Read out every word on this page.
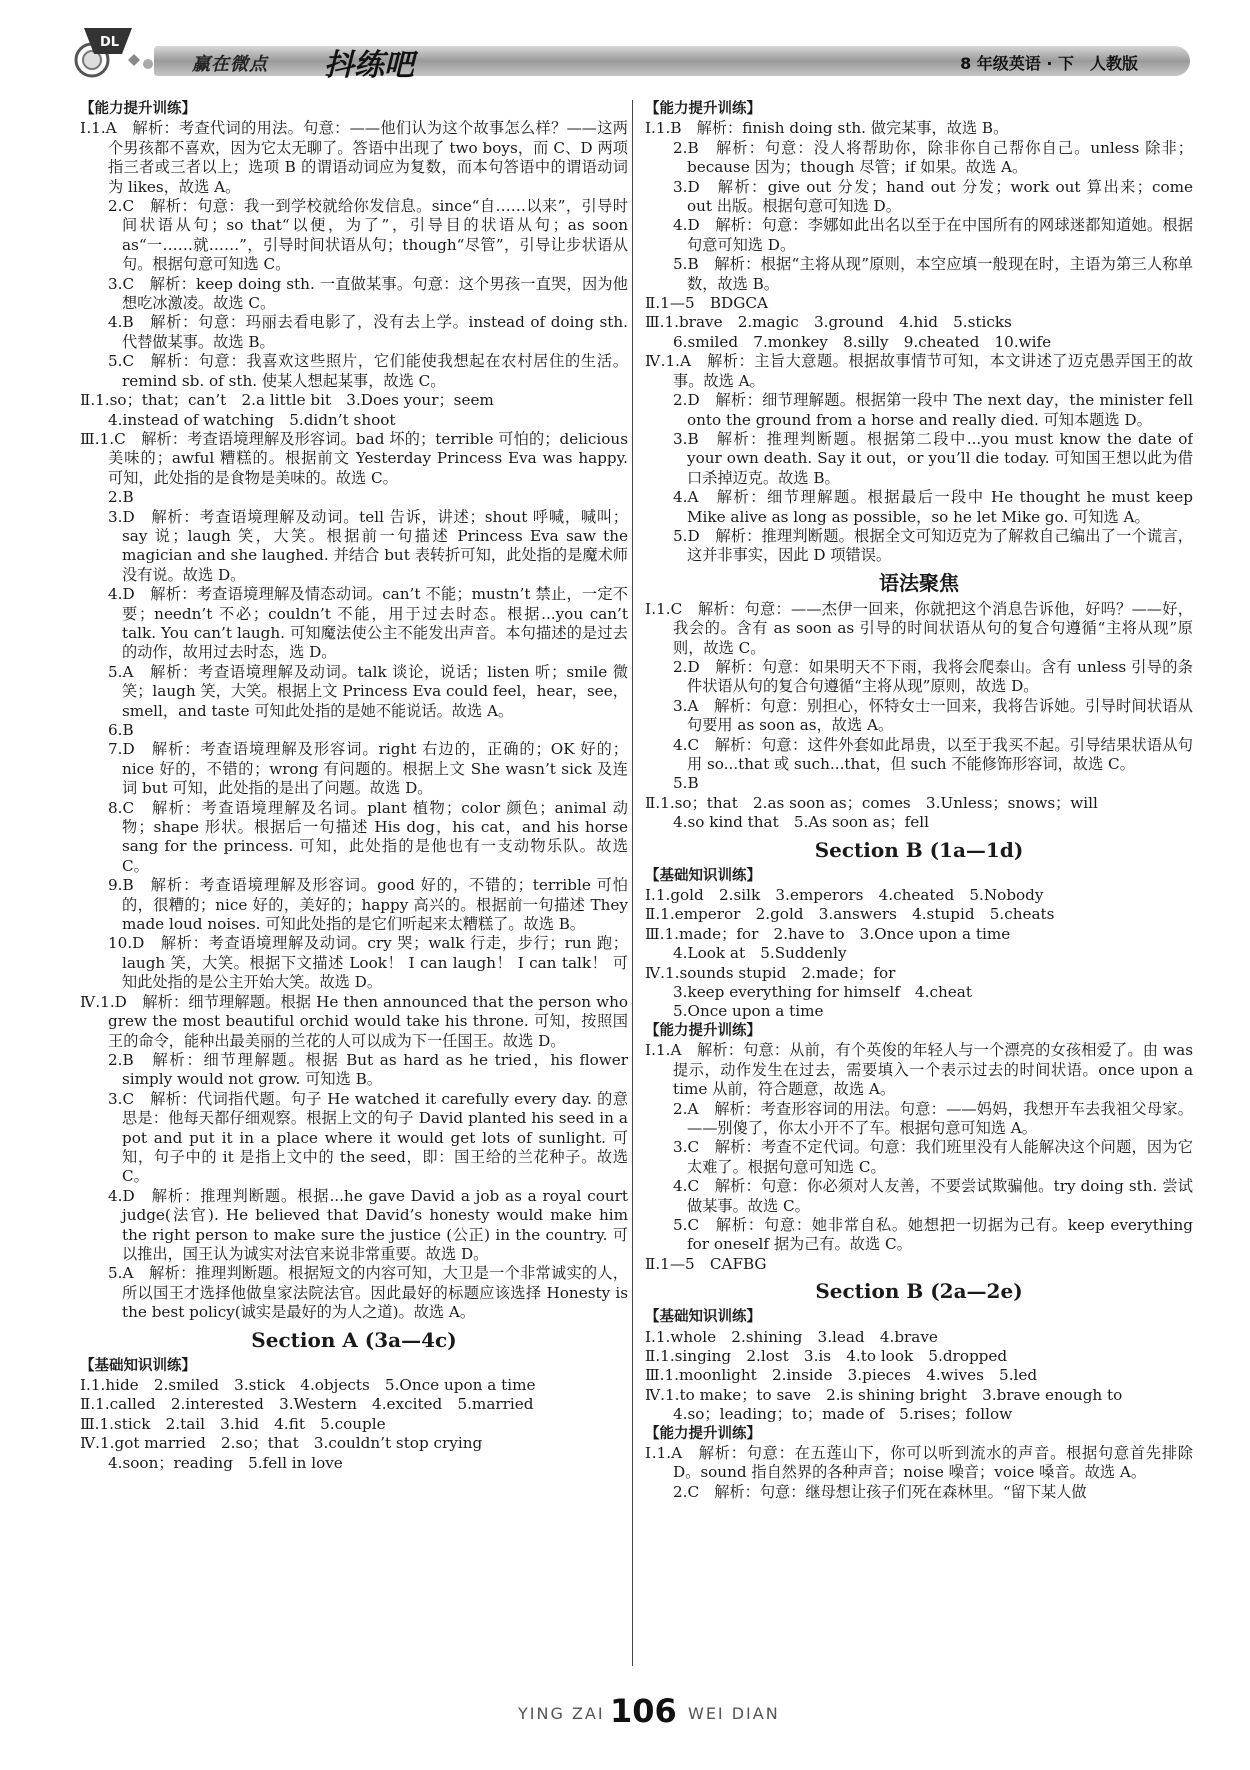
DL
赢在微点 抖练吧	8 年级英语 · 下　人教版
【能力提升训练】
Ⅰ.1.A　解析：考查代词的用法。句意：——他们认为这个故事怎么样？——这两个男孩都不喜欢，因为它太无聊了。答语中出现了 two boys，而 C、D 两项指三者或三者以上；选项 B 的谓语动词应为复数，而本句答语中的谓语动词为 likes，故选 A。
2.C　解析：句意：我一到学校就给你发信息。since“自……以来”，引导时间状语从句；so that“以便，为了”，引导目的状语从句；as soon as“一……就……”，引导时间状语从句；though“尽管”，引导让步状语从句。根据句意可知选 C。
3.C　解析：keep doing sth. 一直做某事。句意：这个男孩一直哭，因为他想吃冰激凌。故选 C。
4.B　解析：句意：玛丽去看电影了，没有去上学。instead of doing sth. 代替做某事。故选 B。
5.C　解析：句意：我喜欢这些照片，它们能使我想起在农村居住的生活。remind sb. of sth. 使某人想起某事，故选 C。
Ⅱ.1.so；that；can’t　2.a little bit　3.Does your；seem
4.instead of watching　5.didn’t shoot
Ⅲ.1.C　解析：考查语境理解及形容词。bad 坏的；terrible 可怕的；delicious 美味的；awful 糟糕的。根据前文 Yesterday Princess Eva was happy. 可知，此处指的是食物是美味的。故选 C。
2.B
3.D　解析：考查语境理解及动词。tell 告诉，讲述；shout 呼喊，喊叫；say 说；laugh 笑，大笑。根据前一句描述 Princess Eva saw the magician and she laughed. 并结合 but 表转折可知，此处指的是魔术师没有说。故选 D。
4.D　解析：考查语境理解及情态动词。can’t 不能；mustn’t 禁止，一定不要；needn’t 不必；couldn’t 不能，用于过去时态。根据...you can’t talk. You can’t laugh. 可知魔法使公主不能发出声音。本句描述的是过去的动作，故用过去时态，选 D。
5.A　解析：考查语境理解及动词。talk 谈论，说话；listen 听；smile 微笑；laugh 笑，大笑。根据上文 Princess Eva could feel，hear，see，smell，and taste 可知此处指的是她不能说话。故选 A。
6.B
7.D　解析：考查语境理解及形容词。right 右边的，正确的；OK 好的；nice 好的，不错的；wrong 有问题的。根据上文 She wasn’t sick 及连词 but 可知，此处指的是出了问题。故选 D。
8.C　解析：考查语境理解及名词。plant 植物；color 颜色；animal 动物；shape 形状。根据后一句描述 His dog，his cat，and his horse sang for the princess. 可知，此处指的是他也有一支动物乐队。故选 C。
9.B　解析：考查语境理解及形容词。good 好的，不错的；terrible 可怕的，很糟的；nice 好的，美好的；happy 高兴的。根据前一句描述 They made loud noises. 可知此处指的是它们听起来太糟糕了。故选 B。
10.D　解析：考查语境理解及动词。cry 哭；walk 行走，步行；run 跑；laugh 笑，大笑。根据下文描述 Look！ I can laugh！ I can talk！ 可知此处指的是公主开始大笑。故选 D。
Ⅳ.1.D　解析：细节理解题。根据 He then announced that the person who grew the most beautiful orchid would take his throne. 可知，按照国王的命令，能种出最美丽的兰花的人可以成为下一任国王。故选 D。
2.B　解析：细节理解题。根据 But as hard as he tried，his flower simply would not grow. 可知选 B。
3.C　解析：代词指代题。句子 He watched it carefully every day. 的意思是：他每天都仔细观察。根据上文的句子 David planted his seed in a pot and put it in a place where it would get lots of sunlight. 可知，句子中的 it 是指上文中的 the seed，即：国王给的兰花种子。故选 C。
4.D　解析：推理判断题。根据...he gave David a job as a royal court judge(法官). He believed that David’s honesty would make him the right person to make sure the justice (公正) in the country. 可以推出，国王认为诚实对法官来说非常重要。故选 D。
5.A　解析：推理判断题。根据短文的内容可知，大卫是一个非常诚实的人，所以国王才选择他做皇家法院法官。因此最好的标题应该选择 Honesty is the best policy(诚实是最好的为人之道)。故选 A。
Section A (3a—4c)
【基础知识训练】
Ⅰ.1.hide　2.smiled　3.stick　4.objects　5.Once upon a time
Ⅱ.1.called　2.interested　3.Western　4.excited　5.married
Ⅲ.1.stick　2.tail　3.hid　4.fit　5.couple
Ⅳ.1.got married　2.so；that　3.couldn’t stop crying
4.soon；reading　5.fell in love
【能力提升训练】
Ⅰ.1.B　解析：finish doing sth. 做完某事，故选 B。
2.B　解析：句意：没人将帮助你，除非你自己帮你自己。unless 除非；because 因为；though 尽管；if 如果。故选 A。
3.D　解析：give out 分发；hand out 分发；work out 算出来；come out 出版。根据句意可知选 D。
4.D　解析：句意：李娜如此出名以至于在中国所有的网球迷都知道她。根据句意可知选 D。
5.B　解析：根据“主将从现”原则，本空应填一般现在时，主语为第三人称单数，故选 B。
Ⅱ.1—5　BDGCA
Ⅲ.1.brave　2.magic　3.ground　4.hid　5.sticks
6.smiled　7.monkey　8.silly　9.cheated　10.wife
Ⅳ.1.A　解析：主旨大意题。根据故事情节可知，本文讲述了迈克愚弄国王的故事。故选 A。
2.D　解析：细节理解题。根据第一段中 The next day，the minister fell onto the ground from a horse and really died. 可知本题选 D。
3.B　解析：推理判断题。根据第二段中...you must know the date of your own death. Say it out，or you’ll die today. 可知国王想以此为借口杀掉迈克。故选 B。
4.A　解析：细节理解题。根据最后一段中 He thought he must keep Mike alive as long as possible，so he let Mike go. 可知选 A。
5.D　解析：推理判断题。根据全文可知迈克为了解救自己编出了一个谎言，这并非事实，因此 D 项错误。
语法聚焦
Ⅰ.1.C　解析：句意：——杰伊一回来，你就把这个消息告诉他，好吗？——好，我会的。含有 as soon as 引导的时间状语从句的复合句遵循“主将从现”原则，故选 C。
2.D　解析：句意：如果明天不下雨，我将会爬泰山。含有 unless 引导的条件状语从句的复合句遵循“主将从现”原则，故选 D。
3.A　解析：句意：别担心，怀特女士一回来，我将告诉她。引导时间状语从句要用 as soon as，故选 A。
4.C　解析：句意：这件外套如此昂贵，以至于我买不起。引导结果状语从句用 so...that 或 such...that，但 such 不能修饰形容词，故选 C。
5.B
Ⅱ.1.so；that　2.as soon as；comes　3.Unless；snows；will
4.so kind that　5.As soon as；fell
Section B (1a—1d)
【基础知识训练】
Ⅰ.1.gold　2.silk　3.emperors　4.cheated　5.Nobody
Ⅱ.1.emperor　2.gold　3.answers　4.stupid　5.cheats
Ⅲ.1.made；for　2.have to　3.Once upon a time
4.Look at　5.Suddenly
Ⅳ.1.sounds stupid　2.made；for
3.keep everything for himself　4.cheat
5.Once upon a time
【能力提升训练】
Ⅰ.1.A　解析：句意：从前，有个英俊的年轻人与一个漂亮的女孩相爱了。由 was 提示，动作发生在过去，需要填入一个表示过去的时间状语。once upon a time 从前，符合题意，故选 A。
2.A　解析：考查形容词的用法。句意：——妈妈，我想开车去我祖父母家。——别傻了，你太小开不了车。根据句意可知选 A。
3.C　解析：考查不定代词。句意：我们班里没有人能解决这个问题，因为它太难了。根据句意可知选 C。
4.C　解析：句意：你必须对人友善，不要尝试欺骗他。try doing sth. 尝试做某事。故选 C。
5.C　解析：句意：她非常自私。她想把一切据为己有。keep everything for oneself 据为己有。故选 C。
Ⅱ.1—5　CAFBG
Section B (2a—2e)
【基础知识训练】
Ⅰ.1.whole　2.shining　3.lead　4.brave
Ⅱ.1.singing　2.lost　3.is　4.to look　5.dropped
Ⅲ.1.moonlight　2.inside　3.pieces　4.wives　5.led
Ⅳ.1.to make；to save　2.is shining bright　3.brave enough to
4.so；leading；to；made of　5.rises；follow
【能力提升训练】
Ⅰ.1.A　解析：句意：在五莲山下，你可以听到流水的声音。根据句意首先排除 D。sound 指自然界的各种声音；noise 噪音；voice 嗓音。故选 A。
2.C　解析：句意：继母想让孩子们死在森林里。“留下某人做
YING ZAI 106 WEI DIAN
